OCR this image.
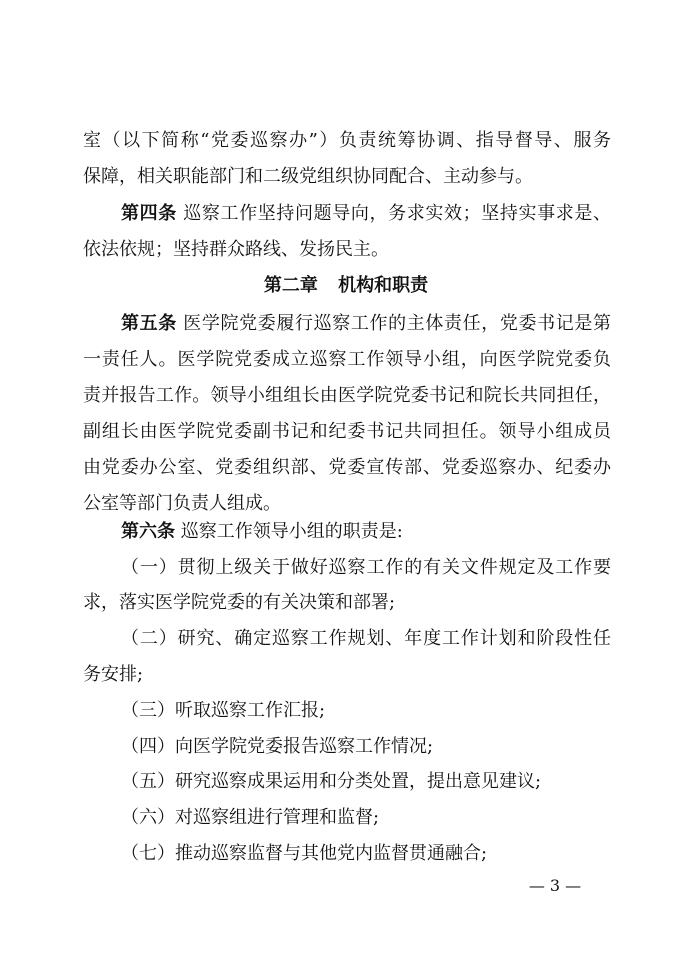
室（以下简称“党委巡察办”）负责统筹协调、指导督导、服务
保障，相关职能部门和二级党组织协同配合、主动参与。
第四条 巡察工作坚持问题导向，务求实效；坚持实事求是、
依法依规；坚持群众路线、发扬民主。
第二章 机构和职责
第五条 医学院党委履行巡察工作的主体责任，党委书记是第
一责任人。医学院党委成立巡察工作领导小组，向医学院党委负
责并报告工作。领导小组组长由医学院党委书记和院长共同担任，
副组长由医学院党委副书记和纪委书记共同担任。领导小组成员
由党委办公室、党委组织部、党委宣传部、党委巡察办、纪委办
公室等部门负责人组成。
第六条 巡察工作领导小组的职责是:
（一）贯彻上级关于做好巡察工作的有关文件规定及工作要
求，落实医学院党委的有关决策和部署;
（二）研究、确定巡察工作规划、年度工作计划和阶段性任
务安排;
（三）听取巡察工作汇报;
（四）向医学院党委报告巡察工作情况;
（五）研究巡察成果运用和分类处置，提出意见建议;
（六）对巡察组进行管理和监督;
（七）推动巡察监督与其他党内监督贯通融合;
— 3 —
